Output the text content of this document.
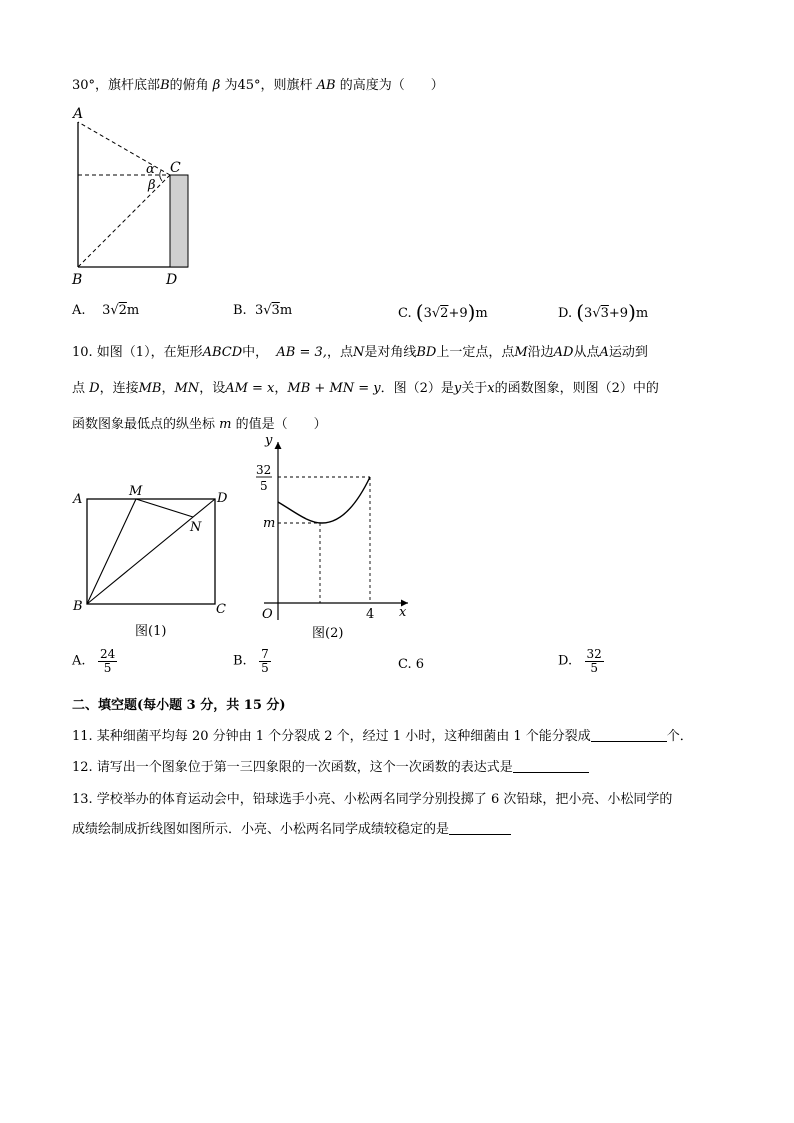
30°，旗杆底部B的俯角 β 为45°，则旗杆 AB 的高度为（　　）
A
B
C
D
α
β
A. 3√2m	B. 3√3m	C. (3√2+9)m	D. (3√3+9)m
10. 如图（1），在矩形ABCD中， AB = 3,，点N是对角线BD上一定点，点M沿边AD从点A运动到
点 D，连接MB，MN，设AM = x，MB + MN = y．图（2）是y关于x的函数图象，则图（2）中的
函数图象最低点的纵坐标 m 的值是（　　）
A
M	D
N
B	C
图(1)
y
x
O
m
32
5
4
图(2)
A. $\frac{24}{5}$	B. $\frac{7}{5}$	C. 6	D. $\frac{32}{5}$
二、填空题(每小题 3 分，共 15 分)
11. 某种细菌平均每 20 分钟由 1 个分裂成 2 个，经过 1 小时，这种细菌由 1 个能分裂成	个．
12. 请写出一个图象位于第一三四象限的一次函数，这个一次函数的表达式是
13. 学校举办的体育运动会中，铅球选手小亮、小松两名同学分别投掷了 6 次铅球，把小亮、小松同学的
成绩绘制成折线图如图所示．小亮、小松两名同学成绩较稳定的是
